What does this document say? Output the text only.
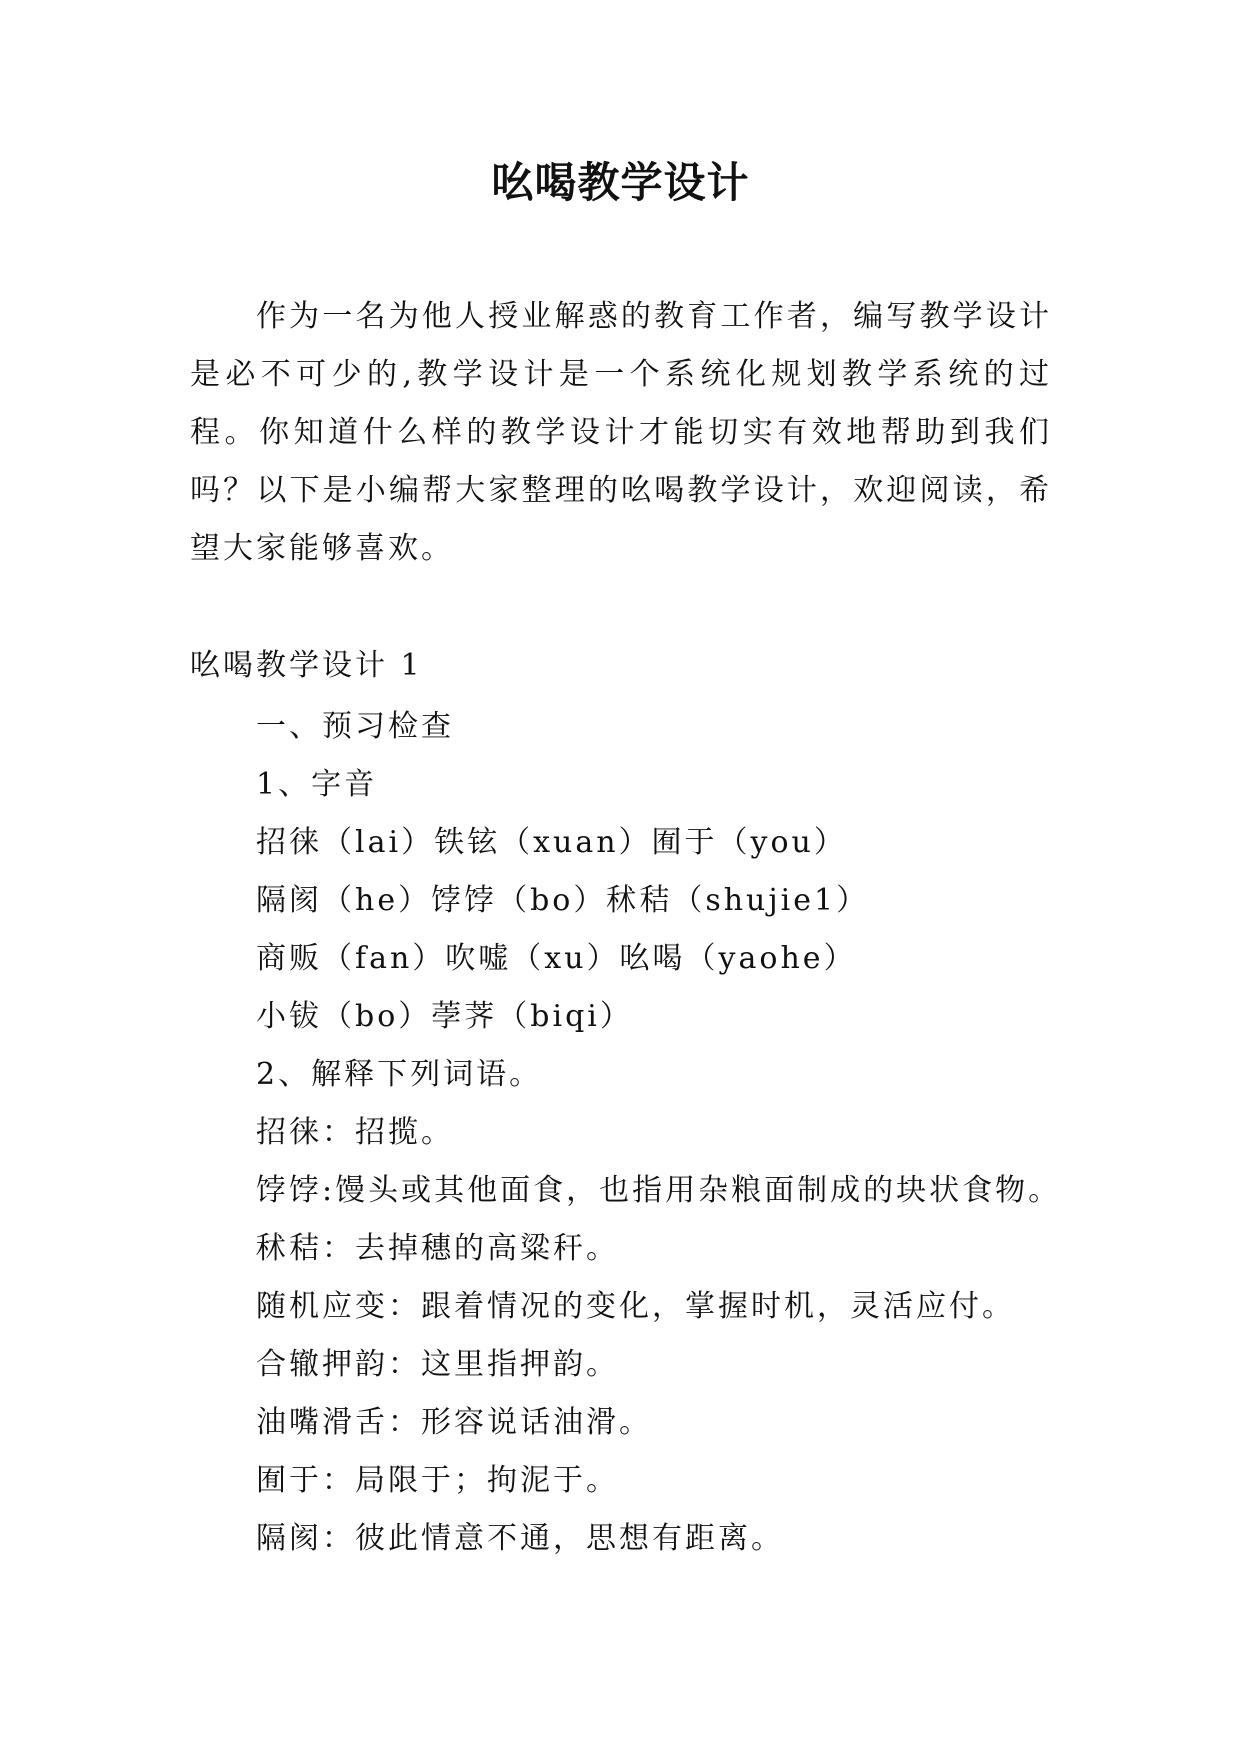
吆喝教学设计

作为一名为他人授业解惑的教育工作者，编写教学设计是必不可少的,教学设计是一个系统化规划教学系统的过程。你知道什么样的教学设计才能切实有效地帮助到我们吗？以下是小编帮大家整理的吆喝教学设计，欢迎阅读，希望大家能够喜欢。

吆喝教学设计 1

一、预习检查
1、字音
招徕（lai）铁铉（xuan）囿于（you）
隔阂（he）饽饽（bo）秫秸（shujie1）
商贩（fan）吹嘘（xu）吆喝（yaohe）
小钹（bo）荸荠（biqi）
2、解释下列词语。
招徕：招揽。
饽饽:馒头或其他面食，也指用杂粮面制成的块状食物。
秫秸：去掉穗的高粱秆。
随机应变：跟着情况的变化，掌握时机，灵活应付。
合辙押韵：这里指押韵。
油嘴滑舌：形容说话油滑。
囿于：局限于；拘泥于。
隔阂：彼此情意不通，思想有距离。
